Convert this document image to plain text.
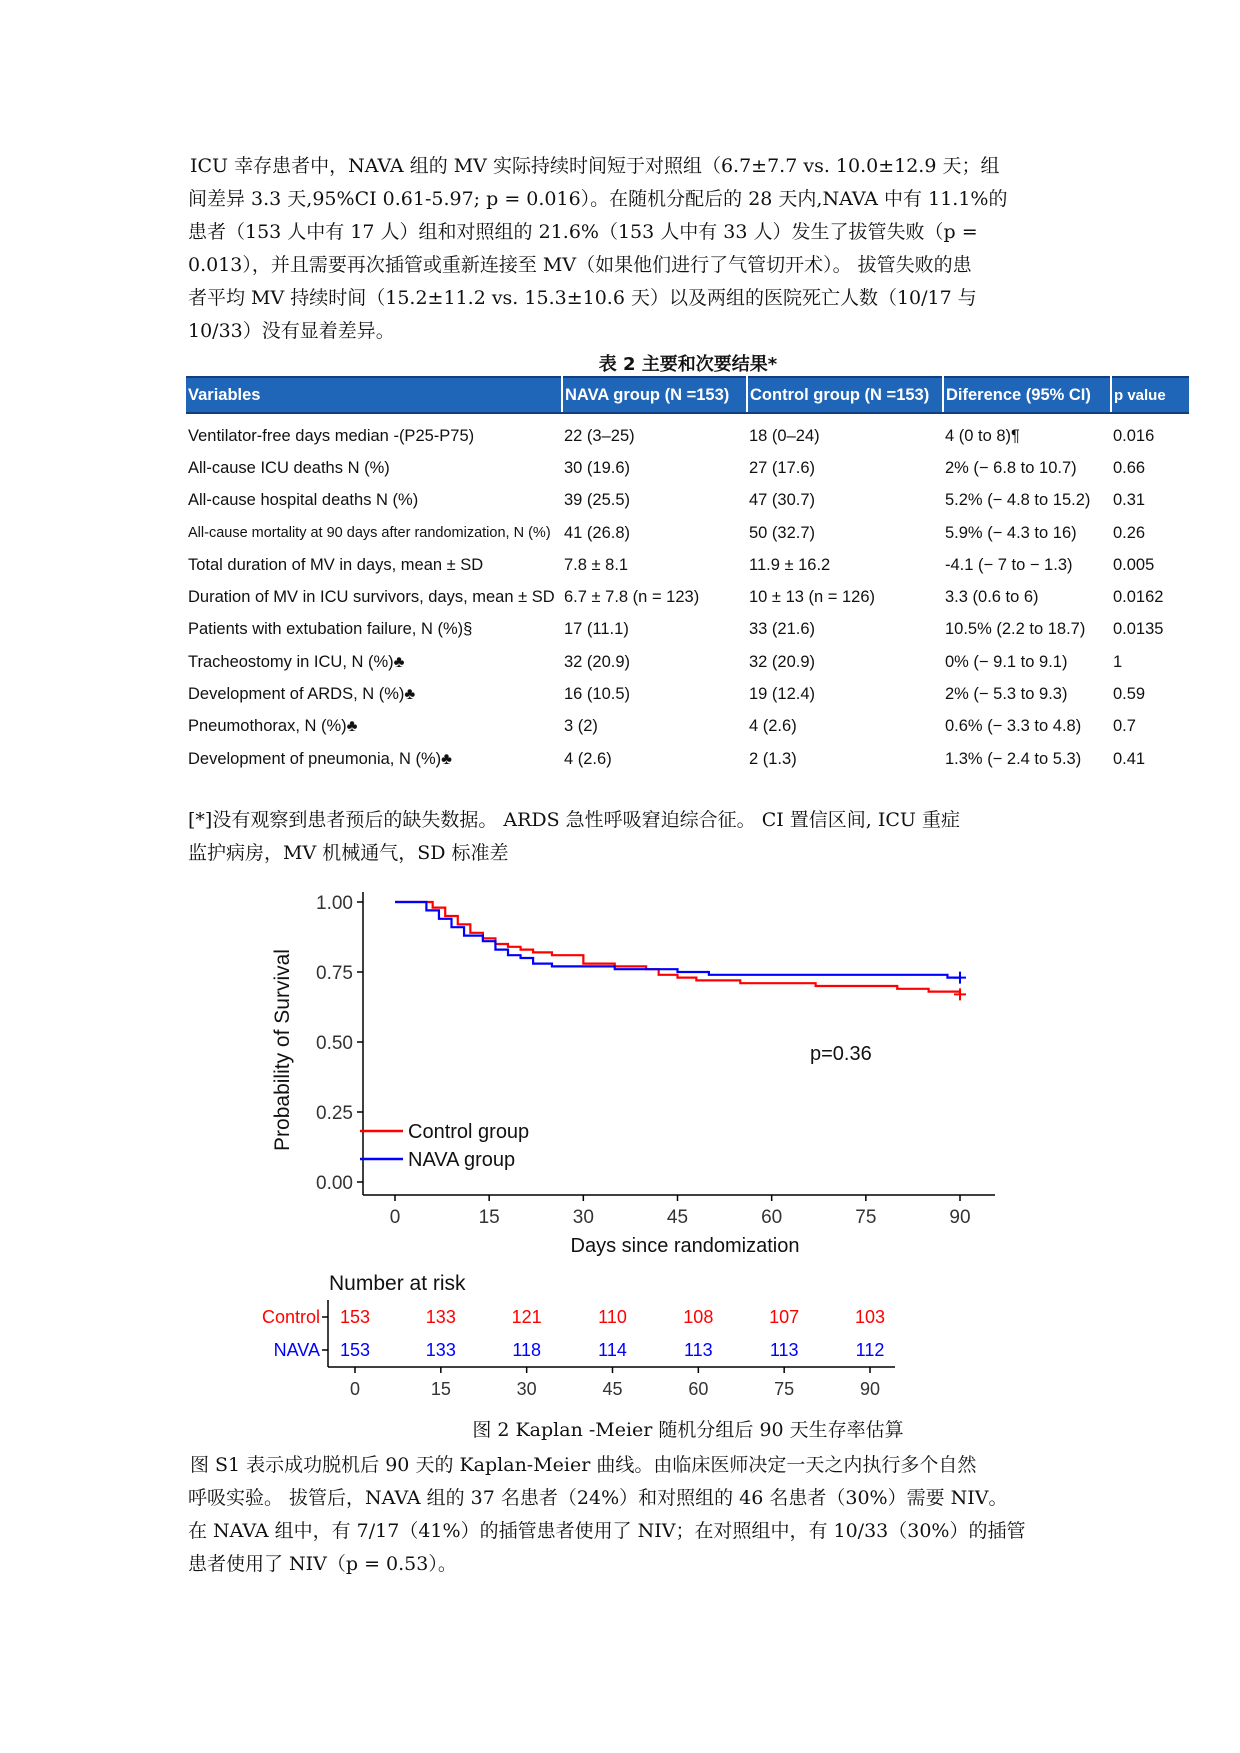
ICU 幸存患者中，NAVA 组的 MV 实际持续时间短于对照组（6.7±7.7 vs. 10.0±12.9 天；组
间差异 3.3 天,95%CI 0.61-5.97; p = 0.016）。在随机分配后的 28 天内,NAVA 中有 11.1%的
患者（153 人中有 17 人）组和对照组的 21.6%（153 人中有 33 人）发生了拔管失败（p =
0.013），并且需要再次插管或重新连接至 MV（如果他们进行了气管切开术）。 拔管失败的患
者平均 MV 持续时间（15.2±11.2 vs. 15.3±10.6 天）以及两组的医院死亡人数（10/17 与
10/33）没有显着差异。
表 2 主要和次要结果*
Variables	NAVA group (N =153)	Control group (N =153)	Diference (95% CI)	p value
Ventilator-free days median -(P25-P75)	22 (3–25)	18 (0–24)	4 (0 to 8)¶	0.016
All-cause ICU deaths N (%)	30 (19.6)	27 (17.6)	2% (− 6.8 to 10.7)	0.66
All-cause hospital deaths N (%)	39 (25.5)	47 (30.7)	5.2% (− 4.8 to 15.2)	0.31
All-cause mortality at 90 days after randomization, N (%)	41 (26.8)	50 (32.7)	5.9% (− 4.3 to 16)	0.26
Total duration of MV in days, mean ± SD	7.8 ± 8.1	11.9 ± 16.2	-4.1 (− 7 to − 1.3)	0.005
Duration of MV in ICU survivors, days, mean ± SD	6.7 ± 7.8 (n = 123)	10 ± 13 (n = 126)	3.3 (0.6 to 6)	0.0162
Patients with extubation failure, N (%)§	17 (11.1)	33 (21.6)	10.5% (2.2 to 18.7)	0.0135
Tracheostomy in ICU, N (%)♣	32 (20.9)	32 (20.9)	0% (− 9.1 to 9.1)	1
Development of ARDS, N (%)♣	16 (10.5)	19 (12.4)	2% (− 5.3 to 9.3)	0.59
Pneumothorax, N (%)♣	3 (2)	4 (2.6)	0.6% (− 3.3 to 4.8)	0.7
Development of pneumonia, N (%)♣	4 (2.6)	2 (1.3)	1.3% (− 2.4 to 5.3)	0.41
[*]没有观察到患者预后的缺失数据。 ARDS 急性呼吸窘迫综合征。 CI 置信区间, ICU 重症
监护病房，MV 机械通气，SD 标准差
0.00
0.25
0.50
0.75
1.00
0	15	30	45	60	75	90
Days since randomization
Probability of Survival	p=0.36
Control group
NAVA group
Number at risk
Control 153	133	121	110	108	107	103
NAVA 153	133	118	114	113	113	112
0	15	30	45	60	75	90
图 2 Kaplan -Meier 随机分组后 90 天生存率估算
图 S1 表示成功脱机后 90 天的 Kaplan-Meier 曲线。由临床医师决定一天之内执行多个自然
呼吸实验。 拔管后，NAVA 组的 37 名患者（24%）和对照组的 46 名患者（30%）需要 NIV。
在 NAVA 组中，有 7/17（41%）的插管患者使用了 NIV；在对照组中，有 10/33（30%）的插管
患者使用了 NIV（p = 0.53）。
